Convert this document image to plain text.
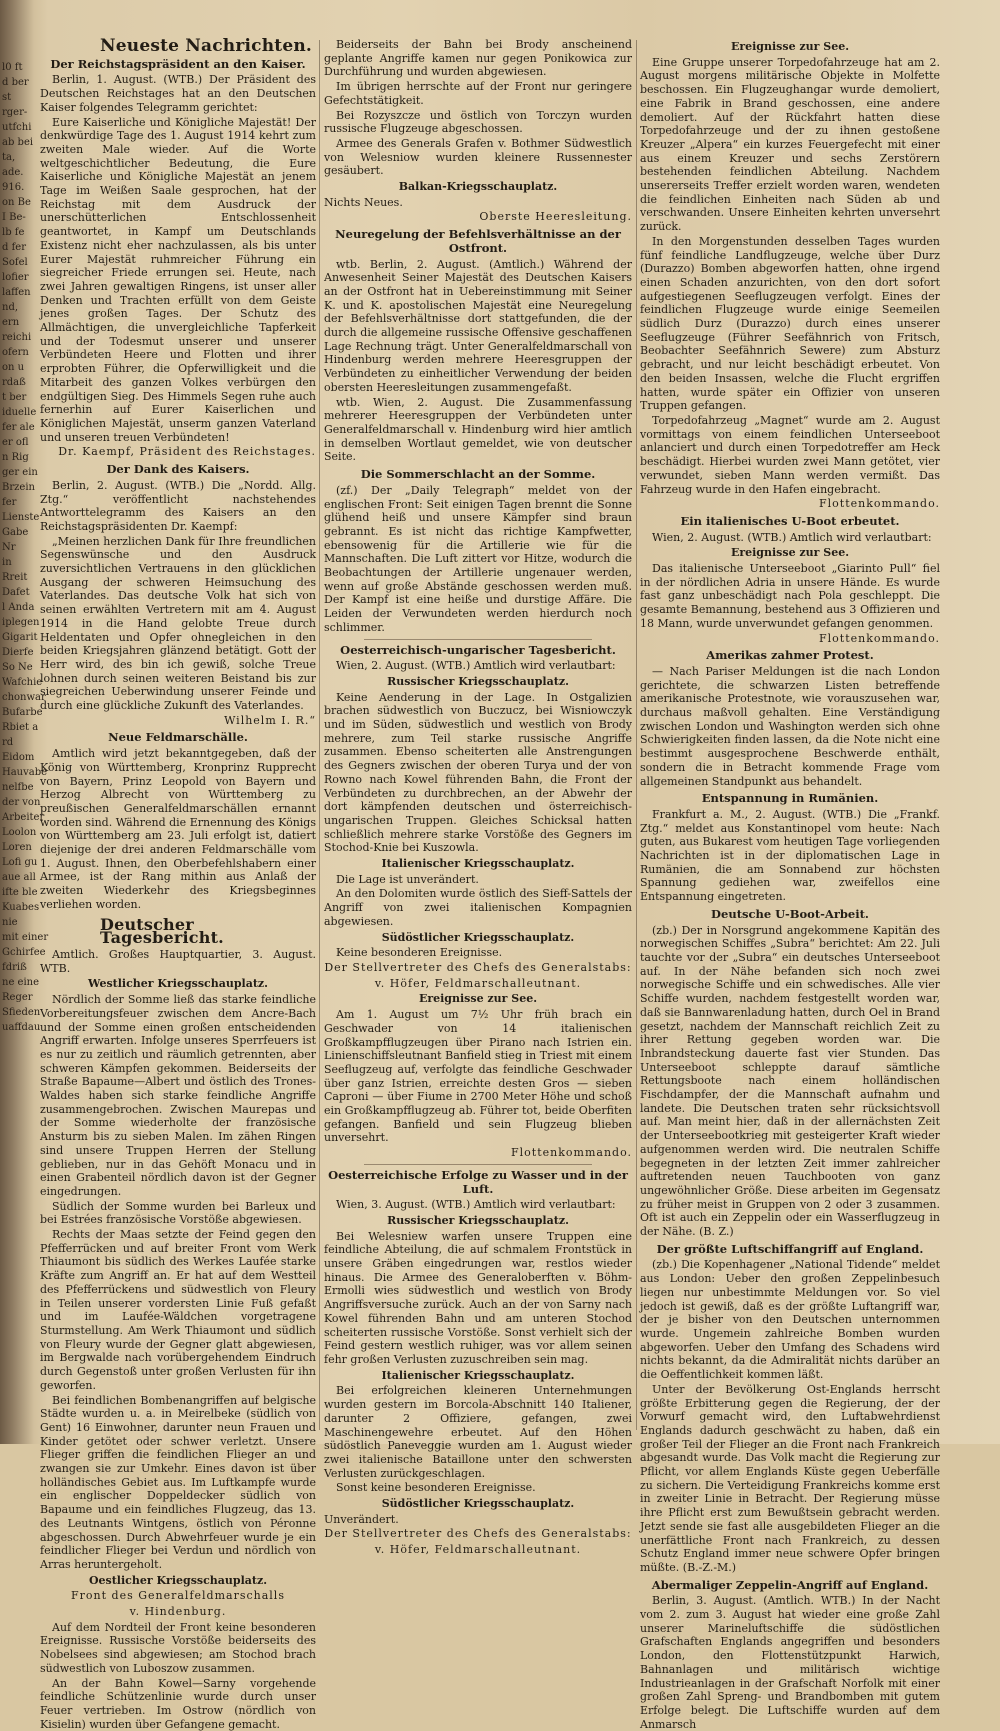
l0 ft
d ber
st
rger-
utfchi
ab bei
ta,
ade.
916.
on Be
I Be-
lb fe
d fer
Sofel
lofier
laffen
nd,
ern
reichi
ofern
on u
rdaß
t ber
iduelle
fer ale
er ofl
n Rig
ger ein
Brzein
fer
Lienste
Gabe
Nr
in
Rreit
Dafet
l Anda
iplegen
Gigarit
Dierfe
So Ne
Wafchie
chonwar
Bufarbe
Rbiet a
rd
Eidom
Hauvabe
nelfbe
der von
Arbeiter
Loolon
Loren
Lofi gu
aue all
ifte ble
Kuabes
nie
mit einer
Gchirfee
fdriß
ne eine
Reger
Sfieden
uaffdau
Neueste Nachrichten.
Der Reichstagspräsident an den Kaiser.

Berlin, 1. August. (WTB.) Der Präsident des Deutschen Reichstages hat an den Deutschen Kaiser folgendes Telegramm gerichtet:

Eure Kaiserliche und Königliche Majestät! Der denkwürdige Tage des 1. August 1914 kehrt zum zweiten Male wieder. Auf die Worte weltgeschichtlicher Bedeutung, die Eure Kaiserliche und Königliche Majestät an jenem Tage im Weißen Saale gesprochen, hat der Reichstag mit dem Ausdruck der unerschütterlichen Entschlossenheit geantwortet, in Kampf um Deutschlands Existenz nicht eher nachzulassen, als bis unter Eurer Majestät ruhmreicher Führung ein siegreicher Friede errungen sei. Heute, nach zwei Jahren gewaltigen Ringens, ist unser aller Denken und Trachten erfüllt von dem Geiste jenes großen Tages. Der Schutz des Allmächtigen, die unvergleichliche Tapferkeit und der Todesmut unserer und unserer Verbündeten Heere und Flotten und ihrer erprobten Führer, die Opferwilligkeit und die Mitarbeit des ganzen Volkes verbürgen den endgültigen Sieg. Des Himmels Segen ruhe auch fernerhin auf Eurer Kaiserlichen und Königlichen Majestät, unserm ganzen Vaterland und unseren treuen Verbündeten!

Dr. Kaempf, Präsident des Reichstages.

Der Dank des Kaisers.

Berlin, 2. August. (WTB.) Die „Nordd. Allg. Ztg.“ veröffentlicht nachstehendes Antworttelegramm des Kaisers an den Reichstagspräsidenten Dr. Kaempf:

„Meinen herzlichen Dank für Ihre freundlichen Segenswünsche und den Ausdruck zuversichtlichen Vertrauens in den glücklichen Ausgang der schweren Heimsuchung des Vaterlandes. Das deutsche Volk hat sich von seinen erwählten Vertretern mit am 4. August 1914 in die Hand gelobte Treue durch Heldentaten und Opfer ohnegleichen in den beiden Kriegsjahren glänzend betätigt. Gott der Herr wird, des bin ich gewiß, solche Treue lohnen durch seinen weiteren Beistand bis zur siegreichen Ueberwindung unserer Feinde und durch eine glückliche Zukunft des Vaterlandes.

Wilhelm I. R.“

Neue Feldmarschälle.

Amtlich wird jetzt bekanntgegeben, daß der König von Württemberg, Kronprinz Rupprecht von Bayern, Prinz Leopold von Bayern und Herzog Albrecht von Württemberg zu preußischen Generalfeldmarschällen ernannt worden sind. Während die Ernennung des Königs von Württemberg am 23. Juli erfolgt ist, datiert diejenige der drei anderen Feldmarschälle vom 1. August. Ihnen, den Oberbefehlshabern einer Armee, ist der Rang mithin aus Anlaß der zweiten Wiederkehr des Kriegsbeginnes verliehen worden.

Deutscher Tagesbericht.

Amtlich. Großes Hauptquartier, 3. August. WTB.

Westlicher Kriegsschauplatz.

Nördlich der Somme ließ das starke feindliche Vorbereitungsfeuer zwischen dem Ancre-Bach und der Somme einen großen entscheidenden Angriff erwarten. Infolge unseres Sperrfeuers ist es nur zu zeitlich und räumlich getrennten, aber schweren Kämpfen gekommen. Beiderseits der Straße Bapaume—Albert und östlich des Trones-Waldes haben sich starke feindliche Angriffe zusammengebrochen. Zwischen Maurepas und der Somme wiederholte der französische Ansturm bis zu sieben Malen. Im zähen Ringen sind unsere Truppen Herren der Stellung geblieben, nur in das Gehöft Monacu und in einen Grabenteil nördlich davon ist der Gegner eingedrungen.

Südlich der Somme wurden bei Barleux und bei Estrées französische Vorstöße abgewiesen.

Rechts der Maas setzte der Feind gegen den Pfefferrücken und auf breiter Front vom Werk Thiaumont bis südlich des Werkes Laufée starke Kräfte zum Angriff an. Er hat auf dem Westteil des Pfefferrückens und südwestlich von Fleury in Teilen unserer vordersten Linie Fuß gefaßt und im Laufée-Wäldchen vorgetragene Sturmstellung. Am Werk Thiaumont und südlich von Fleury wurde der Gegner glatt abgewiesen, im Bergwalde nach vorübergehendem Eindruch durch Gegenstoß unter großen Verlusten für ihn geworfen.

Bei feindlichen Bombenangriffen auf belgische Städte wurden u. a. in Meirelbeke (südlich von Gent) 16 Einwohner, darunter neun Frauen und Kinder getötet oder schwer verletzt. Unsere Flieger griffen die feindlichen Flieger an und zwangen sie zur Umkehr. Eines davon ist über holländisches Gebiet aus. Im Luftkampfe wurde ein englischer Doppeldecker südlich von Bapaume und ein feindliches Flugzeug, das 13. des Leutnants Wintgens, östlich von Péronne abgeschossen. Durch Abwehrfeuer wurde je ein feindlicher Flieger bei Verdun und nördlich von Arras heruntergeholt.

Oestlicher Kriegsschauplatz.

Front des Generalfeldmarschalls

v. Hindenburg.

Auf dem Nordteil der Front keine besonderen Ereignisse. Russische Vorstöße beiderseits des Nobelsees sind abgewiesen; am Stochod brach südwestlich von Luboszow zusammen.

An der Bahn Kowel—Sarny vorgehende feindliche Schützenlinie wurde durch unser Feuer vertrieben. Im Ostrow (nördlich von Kisielin) wurden über Gefangene gemacht.

Beiderseits der Bahn bei Brody anscheinend geplante Angriffe kamen nur gegen Ponikowica zur Durchführung und wurden abgewiesen.

Im übrigen herrschte auf der Front nur geringere Gefechtstätigkeit.

Bei Rozyszcze und östlich von Torczyn wurden russische Flugzeuge abgeschossen.

Armee des Generals Grafen v. Bothmer Südwestlich von Welesniow wurden kleinere Russennester gesäubert.

Balkan-Kriegsschauplatz.

Nichts Neues.

Oberste Heeresleitung.

Neuregelung der Befehlsverhältnisse an der Ostfront.

wtb. Berlin, 2. August. (Amtlich.) Während der Anwesenheit Seiner Majestät des Deutschen Kaisers an der Ostfront hat in Uebereinstimmung mit Seiner K. und K. apostolischen Majestät eine Neuregelung der Befehlsverhältnisse dort stattgefunden, die der durch die allgemeine russische Offensive geschaffenen Lage Rechnung trägt. Unter Generalfeldmarschall von Hindenburg werden mehrere Heeresgruppen der Verbündeten zu einheitlicher Verwendung der beiden obersten Heeresleitungen zusammengefaßt.

wtb. Wien, 2. August. Die Zusammenfassung mehrerer Heeresgruppen der Verbündeten unter Generalfeldmarschall v. Hindenburg wird hier amtlich in demselben Wortlaut gemeldet, wie von deutscher Seite.

Die Sommerschlacht an der Somme.

(zf.) Der „Daily Telegraph“ meldet von der englischen Front: Seit einigen Tagen brennt die Sonne glühend heiß und unsere Kämpfer sind braun gebrannt. Es ist nicht das richtige Kampfwetter, ebensowenig für die Artillerie wie für die Mannschaften. Die Luft zittert vor Hitze, wodurch die Beobachtungen der Artillerie ungenauer werden, wenn auf große Abstände geschossen werden muß. Der Kampf ist eine heiße und durstige Affäre. Die Leiden der Verwundeten werden hierdurch noch schlimmer.

Oesterreichisch-ungarischer Tagesbericht.

Wien, 2. August. (WTB.) Amtlich wird verlautbart:

Russischer Kriegsschauplatz.

Keine Aenderung in der Lage. In Ostgalizien brachen südwestlich von Buczucz, bei Wisniowczyk und im Süden, südwestlich und westlich von Brody mehrere, zum Teil starke russische Angriffe zusammen. Ebenso scheiterten alle Anstrengungen des Gegners zwischen der oberen Turya und der von Rowno nach Kowel führenden Bahn, die Front der Verbündeten zu durchbrechen, an der Abwehr der dort kämpfenden deutschen und österreichisch-ungarischen Truppen. Gleiches Schicksal hatten schließlich mehrere starke Vorstöße des Gegners im Stochod-Knie bei Kuszowla.

Italienischer Kriegsschauplatz.

Die Lage ist unverändert.

An den Dolomiten wurde östlich des Sieff-Sattels der Angriff von zwei italienischen Kompagnien abgewiesen.

Südöstlicher Kriegsschauplatz.

Keine besonderen Ereignisse.

Der Stellvertreter des Chefs des Generalstabs:

v. Höfer, Feldmarschalleutnant.

Ereignisse zur See.

Am 1. August um 7½ Uhr früh brach ein Geschwader von 14 italienischen Großkampfflugzeugen über Pirano nach Istrien ein. Linienschiffsleutnant Banfield stieg in Triest mit einem Seeflugzeug auf, verfolgte das feindliche Geschwader über ganz Istrien, erreichte desten Gros — sieben Caproni — über Fiume in 2700 Meter Höhe und schoß ein Großkampfflugzeug ab. Führer tot, beide Oberfiten gefangen. Banfield und sein Flugzeug blieben unversehrt.

Flottenkommando.

Oesterreichische Erfolge zu Wasser und in der Luft.

Wien, 3. August. (WTB.) Amtlich wird verlautbart:

Russischer Kriegsschauplatz.

Bei Welesniew warfen unsere Truppen eine feindliche Abteilung, die auf schmalem Frontstück in unsere Gräben eingedrungen war, restlos wieder hinaus. Die Armee des Generaloberften v. Böhm-Ermolli wies südwestlich und westlich von Brody Angriffsversuche zurück. Auch an der von Sarny nach Kowel führenden Bahn und am unteren Stochod scheiterten russische Vorstöße. Sonst verhielt sich der Feind gestern westlich ruhiger, was vor allem seinen fehr großen Verlusten zuzuschreiben sein mag.

Italienischer Kriegsschauplatz.

Bei erfolgreichen kleineren Unternehmungen wurden gestern im Borcola-Abschnitt 140 Italiener, darunter 2 Offiziere, gefangen, zwei Maschinengewehre erbeutet. Auf den Höhen südöstlich Paneveggie wurden am 1. August wieder zwei italienische Bataillone unter den schwersten Verlusten zurückgeschlagen.

Sonst keine besonderen Ereignisse.

Südöstlicher Kriegsschauplatz.

Unverändert.

Der Stellvertreter des Chefs des Generalstabs:

v. Höfer, Feldmarschalleutnant.

Ereignisse zur See.

Eine Gruppe unserer Torpedofahrzeuge hat am 2. August morgens militärische Objekte in Molfette beschossen. Ein Flugzeughangar wurde demoliert, eine Fabrik in Brand geschossen, eine andere demoliert. Auf der Rückfahrt hatten diese Torpedofahrzeuge und der zu ihnen gestoßene Kreuzer „Alpera“ ein kurzes Feuergefecht mit einer aus einem Kreuzer und sechs Zerstörern bestehenden feindlichen Abteilung. Nachdem unsererseits Treffer erzielt worden waren, wendeten die feindlichen Einheiten nach Süden ab und verschwanden. Unsere Einheiten kehrten unversehrt zurück.

In den Morgenstunden desselben Tages wurden fünf feindliche Landflugzeuge, welche über Durz (Durazzo) Bomben abgeworfen hatten, ohne irgend einen Schaden anzurichten, von den dort sofort aufgestiegenen Seeflugzeugen verfolgt. Eines der feindlichen Flugzeuge wurde einige Seemeilen südlich Durz (Durazzo) durch eines unserer Seeflugzeuge (Führer Seefähnrich von Fritsch, Beobachter Seefähnrich Sewere) zum Absturz gebracht, und nur leicht beschädigt erbeutet. Von den beiden Insassen, welche die Flucht ergriffen hatten, wurde später ein Offizier von unseren Truppen gefangen.

Torpedofahrzeug „Magnet“ wurde am 2. August vormittags von einem feindlichen Unterseeboot anlanciert und durch einen Torpedotreffer am Heck beschädigt. Hierbei wurden zwei Mann getötet, vier verwundet, sieben Mann werden vermißt. Das Fahrzeug wurde in den Hafen eingebracht.

Flottenkommando.

Ein italienisches U-Boot erbeutet.

Wien, 2. August. (WTB.) Amtlich wird verlautbart:

Ereignisse zur See.

Das italienische Unterseeboot „Giarinto Pull“ fiel in der nördlichen Adria in unsere Hände. Es wurde fast ganz unbeschädigt nach Pola geschleppt. Die gesamte Bemannung, bestehend aus 3 Offizieren und 18 Mann, wurde unverwundet gefangen genommen.

Flottenkommando.

Amerikas zahmer Protest.

— Nach Pariser Meldungen ist die nach London gerichtete, die schwarzen Listen betreffende amerikanische Protestnote, wie vorauszusehen war, durchaus maßvoll gehalten. Eine Verständigung zwischen London und Washington werden sich ohne Schwierigkeiten finden lassen, da die Note nicht eine bestimmt ausgesprochene Beschwerde enthält, sondern die in Betracht kommende Frage vom allgemeinen Standpunkt aus behandelt.

Entspannung in Rumänien.

Frankfurt a. M., 2. August. (WTB.) Die „Frankf. Ztg.“ meldet aus Konstantinopel vom heute: Nach guten, aus Bukarest vom heutigen Tage vorliegenden Nachrichten ist in der diplomatischen Lage in Rumänien, die am Sonnabend zur höchsten Spannung gediehen war, zweifellos eine Entspannung eingetreten.

Deutsche U-Boot-Arbeit.

(zb.) Der in Norsgrund angekommene Kapitän des norwegischen Schiffes „Subra“ berichtet: Am 22. Juli tauchte vor der „Subra“ ein deutsches Unterseeboot auf. In der Nähe befanden sich noch zwei norwegische Schiffe und ein schwedisches. Alle vier Schiffe wurden, nachdem festgestellt worden war, daß sie Bannwarenladung hatten, durch Oel in Brand gesetzt, nachdem der Mannschaft reichlich Zeit zu ihrer Rettung gegeben worden war. Die Inbrandsteckung dauerte fast vier Stunden. Das Unterseeboot schleppte darauf sämtliche Rettungsboote nach einem holländischen Fischdampfer, der die Mannschaft aufnahm und landete. Die Deutschen traten sehr rücksichtsvoll auf. Man meint hier, daß in der allernächsten Zeit der Unterseebootkrieg mit gesteigerter Kraft wieder aufgenommen werden wird. Die neutralen Schiffe begegneten in der letzten Zeit immer zahlreicher auftretenden neuen Tauchbooten von ganz ungewöhnlicher Größe. Diese arbeiten im Gegensatz zu früher meist in Gruppen von 2 oder 3 zusammen. Oft ist auch ein Zeppelin oder ein Wasserflugzeug in der Nähe. (B. Z.)

Der größte Luftschiffangriff auf England.

(zb.) Die Kopenhagener „National Tidende“ meldet aus London: Ueber den großen Zeppelinbesuch liegen nur unbestimmte Meldungen vor. So viel jedoch ist gewiß, daß es der größte Luftangriff war, der je bisher von den Deutschen unternommen wurde. Ungemein zahlreiche Bomben wurden abgeworfen. Ueber den Umfang des Schadens wird nichts bekannt, da die Admiralität nichts darüber an die Oeffentlichkeit kommen läßt.

Unter der Bevölkerung Ost-Englands herrscht größte Erbitterung gegen die Regierung, der der Vorwurf gemacht wird, den Luftabwehrdienst Englands dadurch geschwächt zu haben, daß ein großer Teil der Flieger an die Front nach Frankreich abgesandt wurde. Das Volk macht die Regierung zur Pflicht, vor allem Englands Küste gegen Ueberfälle zu sichern. Die Verteidigung Frankreichs komme erst in zweiter Linie in Betracht. Der Regierung müsse ihre Pflicht erst zum Bewußtsein gebracht werden. Jetzt sende sie fast alle ausgebildeten Flieger an die unerfättliche Front nach Frankreich, zu dessen Schutz England immer neue schwere Opfer bringen müßte. (B.-Z.-M.)

Abermaliger Zeppelin-Angriff auf England.

Berlin, 3. August. (Amtlich. WTB.) In der Nacht vom 2. zum 3. August hat wieder eine große Zahl unserer Marineluftschiffe die südöstlichen Grafschaften Englands angegriffen und besonders London, den Flottenstützpunkt Harwich, Bahnanlagen und militärisch wichtige Industrieanlagen in der Grafschaft Norfolk mit einer großen Zahl Spreng- und Brandbomben mit gutem Erfolge belegt. Die Luftschiffe wurden auf dem Anmarsch
